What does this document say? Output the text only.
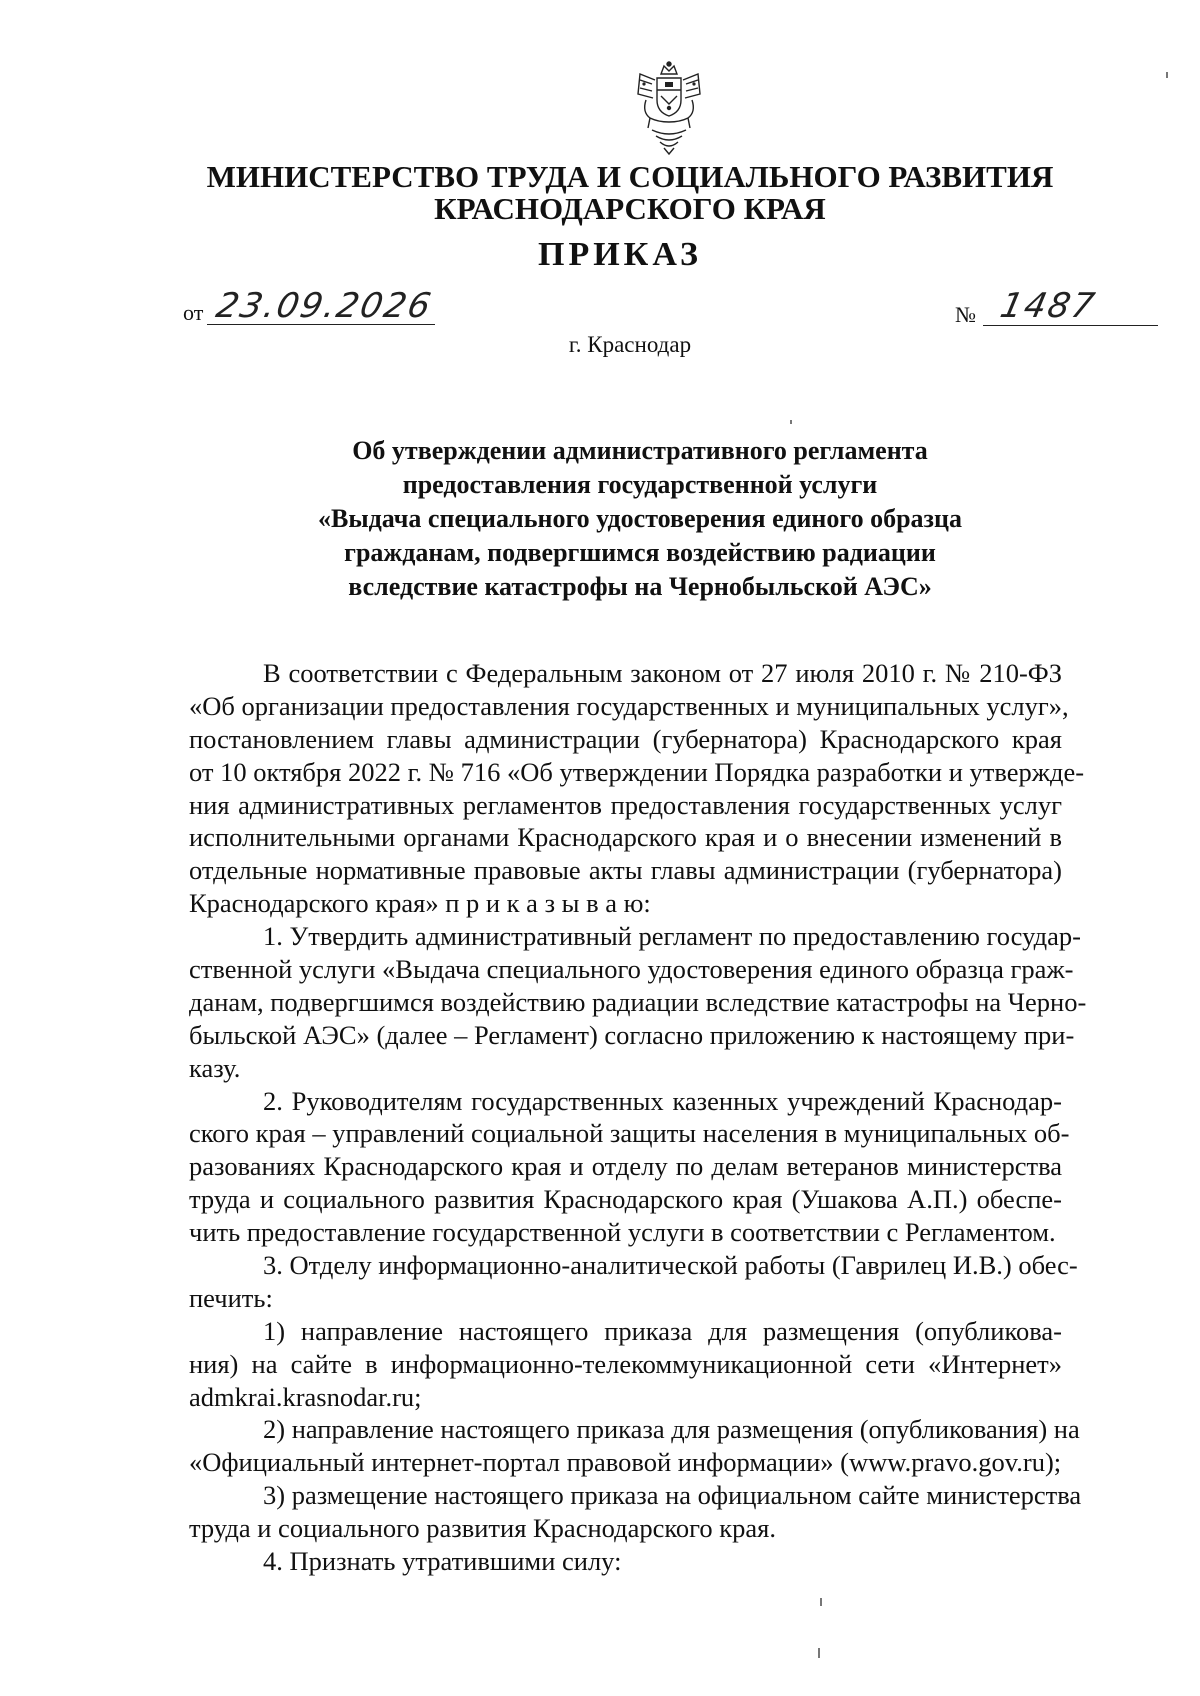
МИНИСТЕРСТВО ТРУДА И СОЦИАЛЬНОГО РАЗВИТИЯ
КРАСНОДАРСКОГО КРАЯ
ПРИКАЗ
от 23.09.2026	№ 1487
г. Краснодар
Об утверждении административного регламента
предоставления государственной услуги
«Выдача специального удостоверения единого образца
гражданам, подвергшимся воздействию радиации
вследствие катастрофы на Чернобыльской АЭС»
В соответствии с Федеральным законом от 27 июля 2010 г. № 210-ФЗ
«Об организации предоставления государственных и муниципальных услуг»,
постановлением главы администрации (губернатора) Краснодарского края
от 10 октября 2022 г. № 716 «Об утверждении Порядка разработки и утвержде-
ния административных регламентов предоставления государственных услуг
исполнительными органами Краснодарского края и о внесении изменений в
отдельные нормативные правовые акты главы администрации (губернатора)
Краснодарского края» п р и к а з ы в а ю:
1. Утвердить административный регламент по предоставлению государ-
ственной услуги «Выдача специального удостоверения единого образца граж-
данам, подвергшимся воздействию радиации вследствие катастрофы на Черно-
быльской АЭС» (далее – Регламент) согласно приложению к настоящему при-
казу.
2. Руководителям государственных казенных учреждений Краснодар-
ского края – управлений социальной защиты населения в муниципальных об-
разованиях Краснодарского края и отделу по делам ветеранов министерства
труда и социального развития Краснодарского края (Ушакова А.П.) обеспе-
чить предоставление государственной услуги в соответствии с Регламентом.
3. Отделу информационно-аналитической работы (Гаврилец И.В.) обес-
печить:
1) направление настоящего приказа для размещения (опубликова-
ния) на сайте в информационно-телекоммуникационной сети «Интернет»
admkrai.krasnodar.ru;
2) направление настоящего приказа для размещения (опубликования) на
«Официальный интернет-портал правовой информации» (www.pravo.gov.ru);
3) размещение настоящего приказа на официальном сайте министерства
труда и социального развития Краснодарского края.
4. Признать утратившими силу:
